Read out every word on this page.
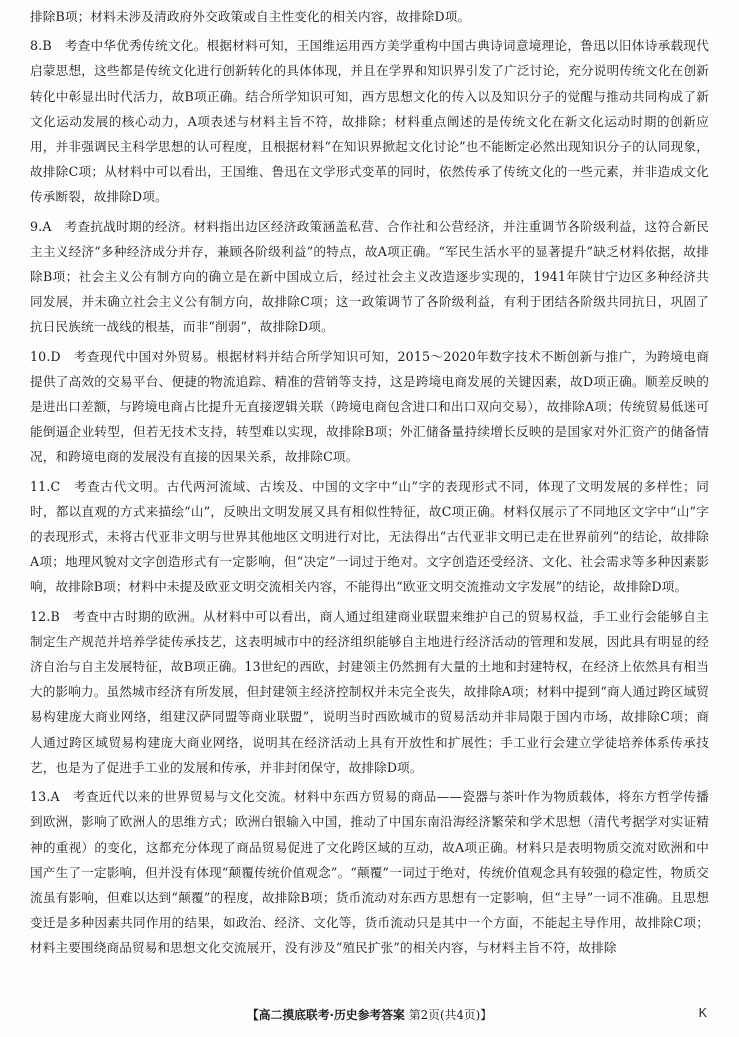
排除B项；材料未涉及清政府外交政策或自主性变化的相关内容，故排除D项。

8.B　考查中华优秀传统文化。根据材料可知，王国维运用西方美学重构中国古典诗词意境理论，鲁迅以旧体诗承载现代启蒙思想，这些都是传统文化进行创新转化的具体体现，并且在学界和知识界引发了广泛讨论，充分说明传统文化在创新转化中彰显出时代活力，故B项正确。结合所学知识可知，西方思想文化的传入以及知识分子的觉醒与推动共同构成了新文化运动发展的核心动力，A项表述与材料主旨不符，故排除；材料重点阐述的是传统文化在新文化运动时期的创新应用，并非强调民主科学思想的认可程度，且根据材料“在知识界掀起文化讨论”也不能断定必然出现知识分子的认同现象，故排除C项；从材料中可以看出，王国维、鲁迅在文学形式变革的同时，依然传承了传统文化的一些元素，并非造成文化传承断裂，故排除D项。

9.A　考查抗战时期的经济。材料指出边区经济政策涵盖私营、合作社和公营经济，并注重调节各阶级利益，这符合新民主主义经济“多种经济成分并存，兼顾各阶级利益”的特点，故A项正确。“军民生活水平的显著提升”缺乏材料依据，故排除B项；社会主义公有制方向的确立是在新中国成立后，经过社会主义改造逐步实现的，1941年陕甘宁边区多种经济共同发展，并未确立社会主义公有制方向，故排除C项；这一政策调节了各阶级利益，有利于团结各阶级共同抗日，巩固了抗日民族统一战线的根基，而非“削弱”，故排除D项。

10.D　考查现代中国对外贸易。根据材料并结合所学知识可知，2015～2020年数字技术不断创新与推广，为跨境电商提供了高效的交易平台、便捷的物流追踪、精准的营销等支持，这是跨境电商发展的关键因素，故D项正确。顺差反映的是进出口差额，与跨境电商占比提升无直接逻辑关联（跨境电商包含进口和出口双向交易），故排除A项；传统贸易低迷可能倒逼企业转型，但若无技术支持，转型难以实现，故排除B项；外汇储备量持续增长反映的是国家对外汇资产的储备情况，和跨境电商的发展没有直接的因果关系，故排除C项。

11.C　考查古代文明。古代两河流域、古埃及、中国的文字中“山”字的表现形式不同，体现了文明发展的多样性；同时，都以直观的方式来描绘“山”，反映出文明发展又具有相似性特征，故C项正确。材料仅展示了不同地区文字中“山”字的表现形式，未将古代亚非文明与世界其他地区文明进行对比，无法得出“古代亚非文明已走在世界前列”的结论，故排除A项；地理风貌对文字创造形式有一定影响，但“决定”一词过于绝对。文字创造还受经济、文化、社会需求等多种因素影响，故排除B项；材料中未提及欧亚文明交流相关内容，不能得出“欧亚文明交流推动文字发展”的结论，故排除D项。

12.B　考查中古时期的欧洲。从材料中可以看出，商人通过组建商业联盟来维护自己的贸易权益，手工业行会能够自主制定生产规范并培养学徒传承技艺，这表明城市中的经济组织能够自主地进行经济活动的管理和发展，因此具有明显的经济自治与自主发展特征，故B项正确。13世纪的西欧，封建领主仍然拥有大量的土地和封建特权，在经济上依然具有相当大的影响力。虽然城市经济有所发展，但封建领主经济控制权并未完全丧失，故排除A项；材料中提到“商人通过跨区域贸易构建庞大商业网络，组建汉萨同盟等商业联盟”，说明当时西欧城市的贸易活动并非局限于国内市场，故排除C项；商人通过跨区域贸易构建庞大商业网络，说明其在经济活动上具有开放性和扩展性；手工业行会建立学徒培养体系传承技艺，也是为了促进手工业的发展和传承，并非封闭保守，故排除D项。

13.A　考查近代以来的世界贸易与文化交流。材料中东西方贸易的商品——瓷器与茶叶作为物质载体，将东方哲学传播到欧洲，影响了欧洲人的思维方式；欧洲白银输入中国，推动了中国东南沿海经济繁荣和学术思想（清代考据学对实证精神的重视）的变化，这都充分体现了商品贸易促进了文化跨区域的互动，故A项正确。材料只是表明物质交流对欧洲和中国产生了一定影响，但并没有体现“颠覆传统价值观念”。“颠覆”一词过于绝对，传统价值观念具有较强的稳定性，物质交流虽有影响，但难以达到“颠覆”的程度，故排除B项；货币流动对东西方思想有一定影响，但“主导”一词不准确。且思想变迁是多种因素共同作用的结果，如政治、经济、文化等，货币流动只是其中一个方面，不能起主导作用，故排除C项；材料主要围绕商品贸易和思想文化交流展开，没有涉及“殖民扩张”的相关内容，与材料主旨不符，故排除

【高二摸底联考·历史参考答案 第2页(共4页)】	K
